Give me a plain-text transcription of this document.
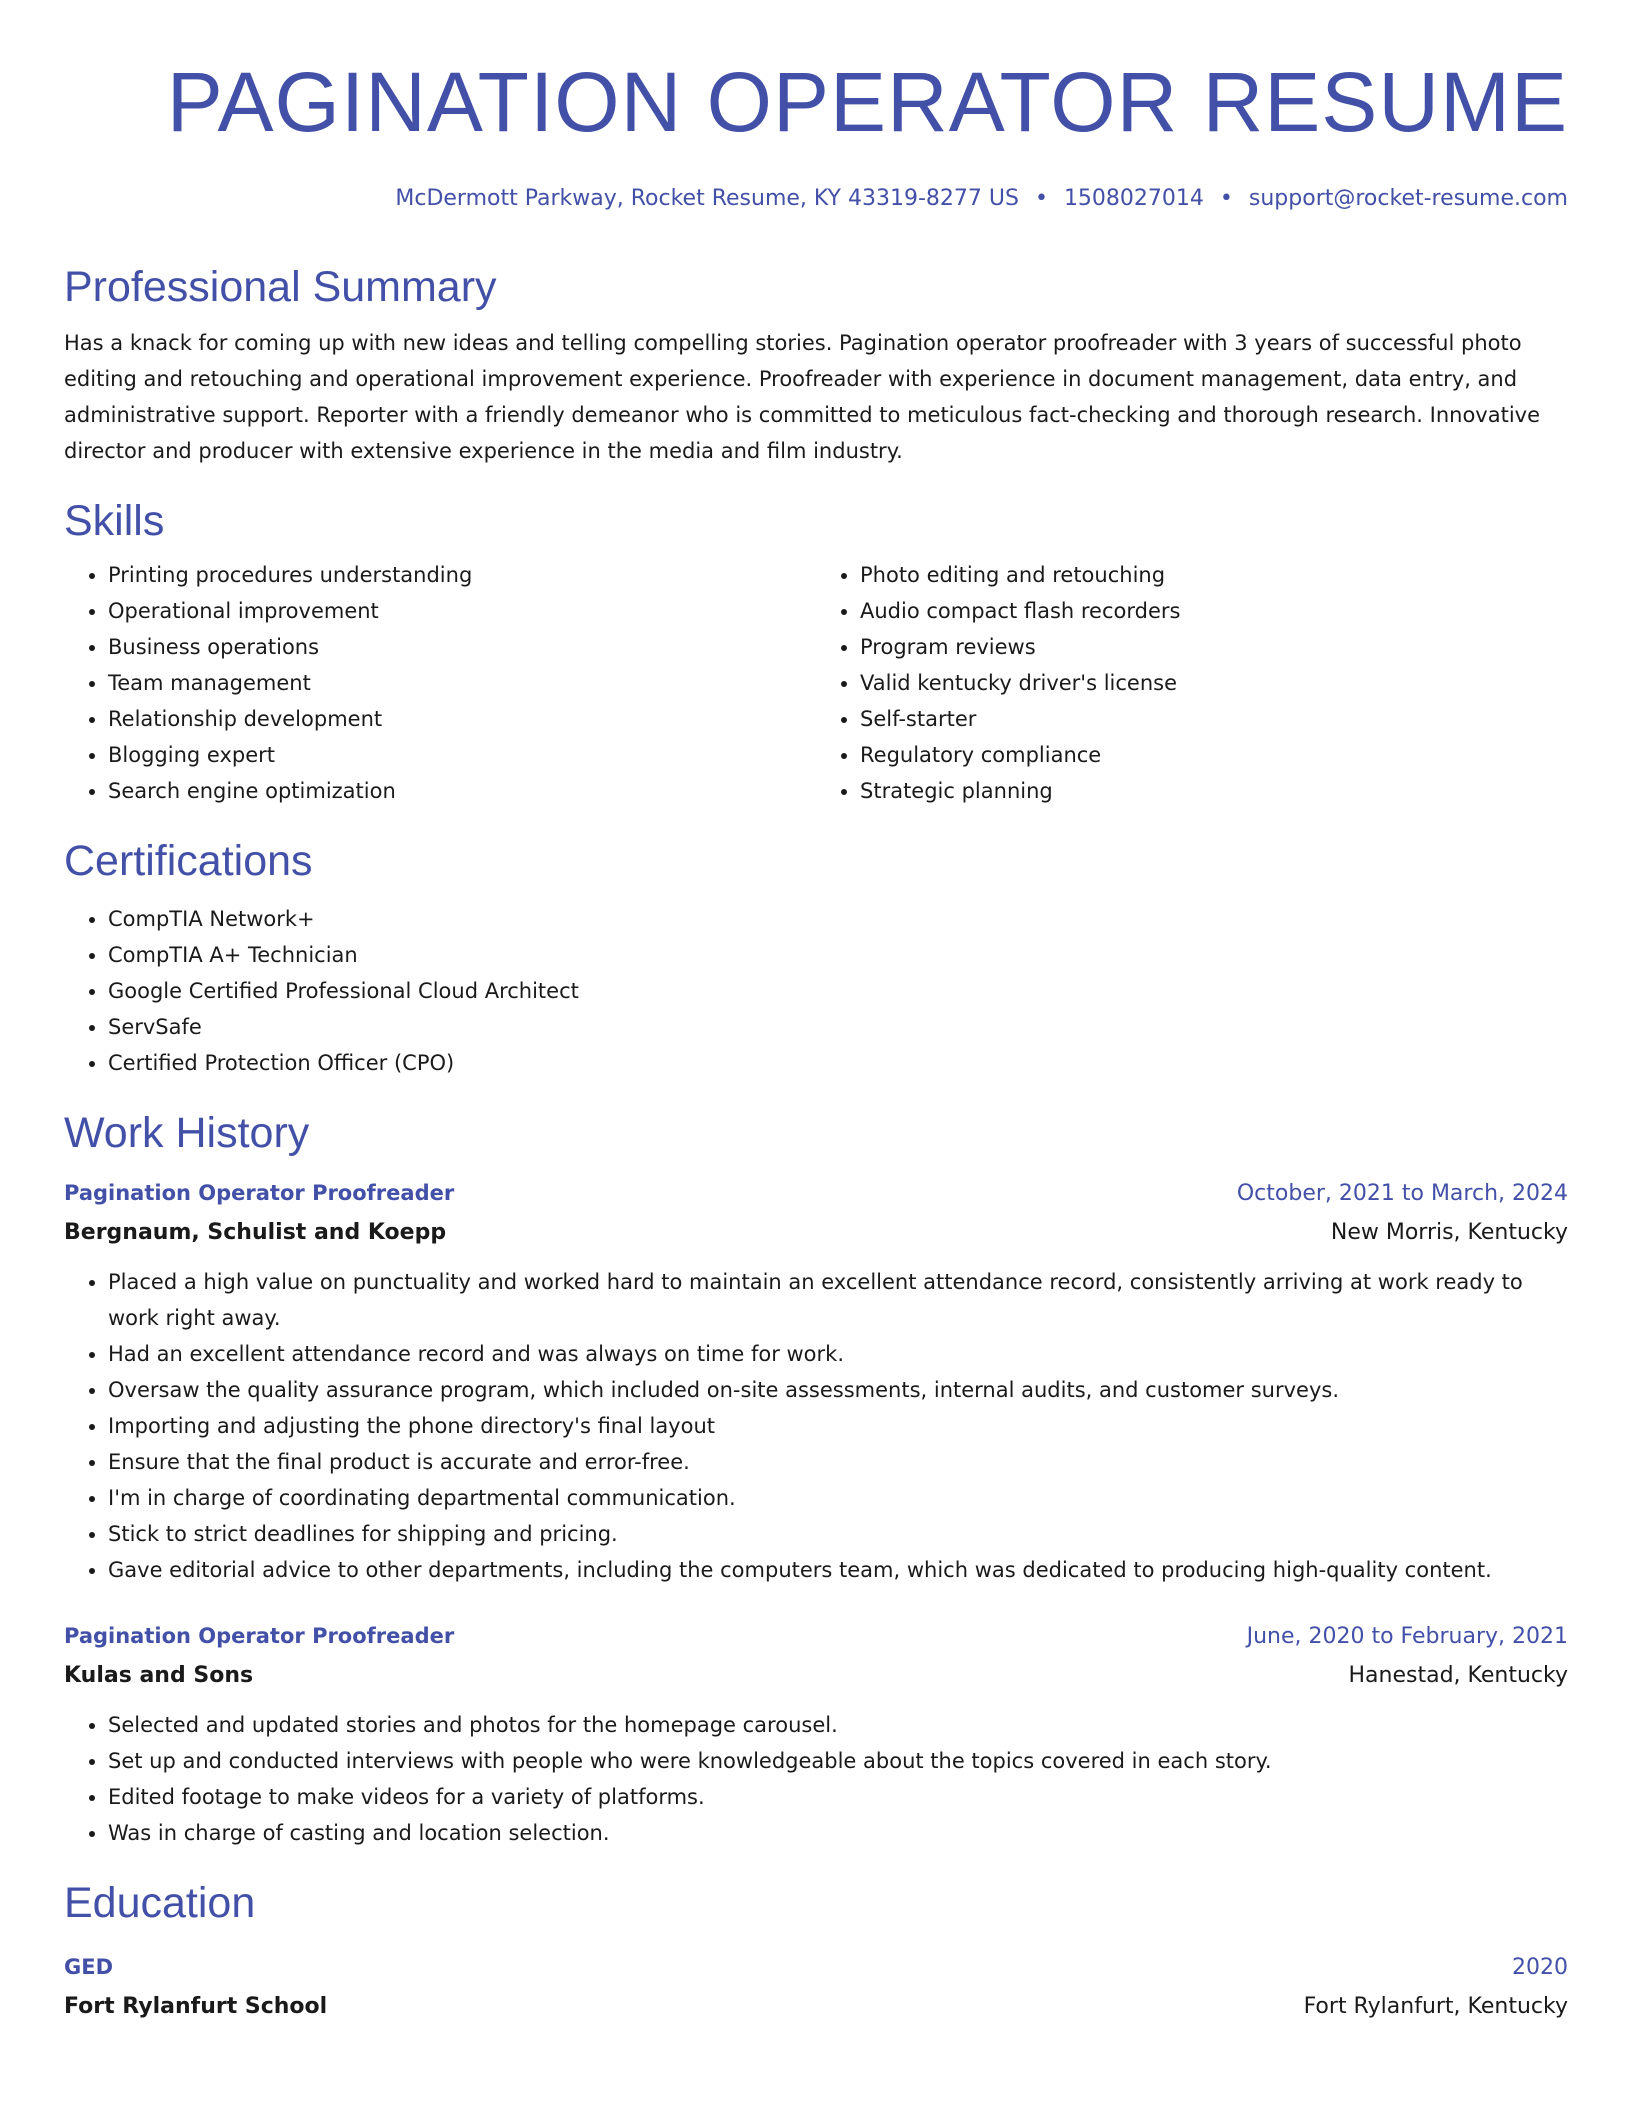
PAGINATION OPERATOR RESUME
McDermott Parkway, Rocket Resume, KY 43319-8277 US • 1508027014 • support@rocket-resume.com
Professional Summary

Has a knack for coming up with new ideas and telling compelling stories. Pagination operator proofreader with 3 years of successful photo editing and retouching and operational improvement experience. Proofreader with experience in document management, data entry, and administrative support. Reporter with a friendly demeanor who is committed to meticulous fact-checking and thorough research. Innovative director and producer with extensive experience in the media and film industry.

Skills
• Printing procedures understanding
• Operational improvement
• Business operations
• Team management
• Relationship development
• Blogging expert
• Search engine optimization
• Photo editing and retouching
• Audio compact flash recorders
• Program reviews
• Valid kentucky driver's license
• Self-starter
• Regulatory compliance
• Strategic planning
Certifications
• CompTIA Network+
• CompTIA A+ Technician
• Google Certified Professional Cloud Architect
• ServSafe
• Certified Protection Officer (CPO)
Work History
Pagination Operator Proofreader	October, 2021 to March, 2024
Bergnaum, Schulist and Koepp	New Morris, Kentucky
• Placed a high value on punctuality and worked hard to maintain an excellent attendance record, consistently arriving at work ready to work right away.
• Had an excellent attendance record and was always on time for work.
• Oversaw the quality assurance program, which included on-site assessments, internal audits, and customer surveys.
• Importing and adjusting the phone directory's final layout
• Ensure that the final product is accurate and error-free.
• I'm in charge of coordinating departmental communication.
• Stick to strict deadlines for shipping and pricing.
• Gave editorial advice to other departments, including the computers team, which was dedicated to producing high-quality content.
Pagination Operator Proofreader	June, 2020 to February, 2021
Kulas and Sons	Hanestad, Kentucky
• Selected and updated stories and photos for the homepage carousel.
• Set up and conducted interviews with people who were knowledgeable about the topics covered in each story.
• Edited footage to make videos for a variety of platforms.
• Was in charge of casting and location selection.
Education
GED	2020
Fort Rylanfurt School	Fort Rylanfurt, Kentucky
